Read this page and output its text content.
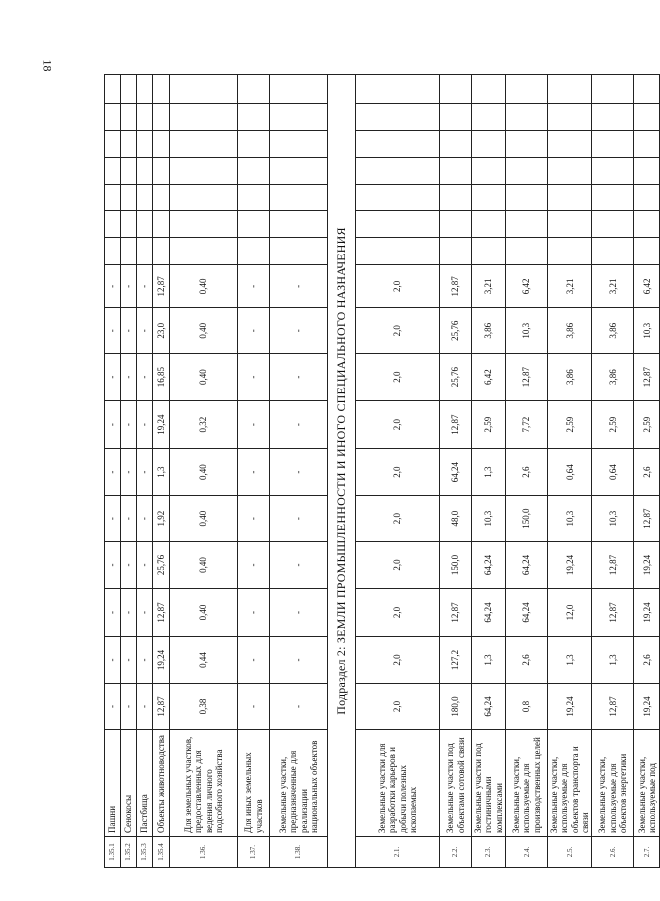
18
1.35.1	Пашни	-	-	-	-	-	-	-	-	-	-							
1.35.2	Сенокосы	-	-	-	-	-	-	-	-	-	-							
1.35.3	Пастбища	-	-	-	-	-	-	-	-	-	-							
1.35.4	Объекты животноводства	12,87	19,24	12,87	25,76	1,92	1,3	19,24	16,85	23,0	12,87							
1.36.	Для земельных участков, предоставленных для ведения личного подсобного хозяйства	0,38	0,44	0,40	0,40	0,40	0,40	0,32	0,40	0,40	0,40							
1.37.	Для иных земельных участков	-	-	-	-	-	-	-	-	-	-							
1.38.	Земельные участки, предназначенные для реализации национальных объектов	-	-	-	-	-	-	-	-	-	-							
Подраздел 2: ЗЕМЛИ ПРОМЫШЛЕННОСТИ И ИНОГО СПЕЦИАЛЬНОГО НАЗНАЧЕНИЯ																		
2.1.	Земельные участки для разработки карьеров и добычи полезных ископаемых	2,0	2,0	2,0	2,0	2,0	2,0	2,0	2,0	2,0	2,0							
2.2.	Земельные участки под объектами сотовой связи	180,0	127,2	12,87	150,0	48,0	64,24	12,87	25,76	25,76	12,87							
2.3.	Земельные участки под гостиничными комплексами	64,24	1,3	64,24	64,24	10,3	1,3	2,59	6,42	3,86	3,21							
2.4.	Земельные участки, используемые для производственных целей	0,8	2,6	64,24	64,24	150,0	2,6	7,72	12,87	10,3	6,42							
2.5.	Земельные участки, используемые для объектов транспорта и связи	19,24	1,3	12,0	19,24	10,3	0,64	2,59	3,86	3,86	3,21							
2.6.	Земельные участки, используемые для объектов энергетики	12,87	1,3	12,87	12,87	10,3	0,64	2,59	3,86	3,86	3,21							
2.7.	Земельные участки, используемые под	19,24	2,6	19,24	19,24	12,87	2,6	2,59	12,87	10,3	6,42							
